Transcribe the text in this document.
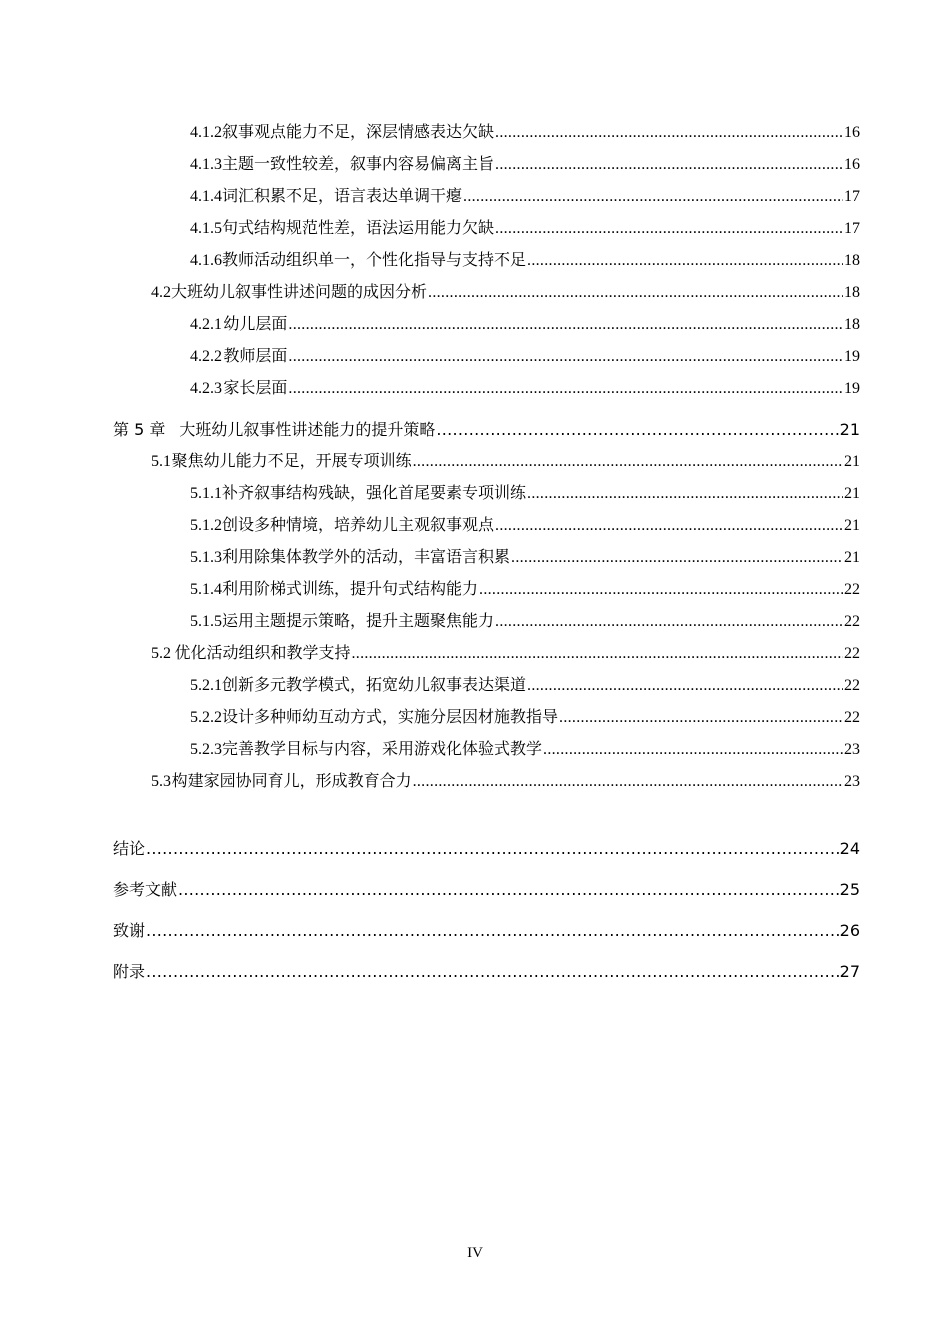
4.1.2 叙事观点能力不足，深层情感表达欠缺 .....	16
4.1.3 主题一致性较差，叙事内容易偏离主旨 .....	16
4.1.4 词汇积累不足，语言表达单调干瘪 .....	17
4.1.5 句式结构规范性差，语法运用能力欠缺 .....	17
4.1.6 教师活动组织单一，个性化指导与支持不足 .....	18
4.2 大班幼儿叙事性讲述问题的成因分析 .....	18
4.2.1 幼儿层面 .....	18
4.2.2 教师层面 .....	19
4.2.3 家长层面 .....	19
第 5 章 大班幼儿叙事性讲述能力的提升策略 .....	21
5.1 聚焦幼儿能力不足，开展专项训练 .....	21
5.1.1 补齐叙事结构残缺，强化首尾要素专项训练 .....	21
5.1.2 创设多种情境，培养幼儿主观叙事观点 .....	21
5.1.3 利用除集体教学外的活动，丰富语言积累 .....	21
5.1.4 利用阶梯式训练，提升句式结构能力 .....	22
5.1.5 运用主题提示策略，提升主题聚焦能力 .....	22
5.2 优化活动组织和教学支持 .....	22
5.2.1 创新多元教学模式，拓宽幼儿叙事表达渠道 .....	22
5.2.2 设计多种师幼互动方式，实施分层因材施教指导 .....	22
5.2.3 完善教学目标与内容，采用游戏化体验式教学 .....	23
5.3 构建家园协同育儿，形成教育合力 .....	23
结论 .....	24
参考文献 .....	25
致谢 .....	26
附录 .....	27
IV
